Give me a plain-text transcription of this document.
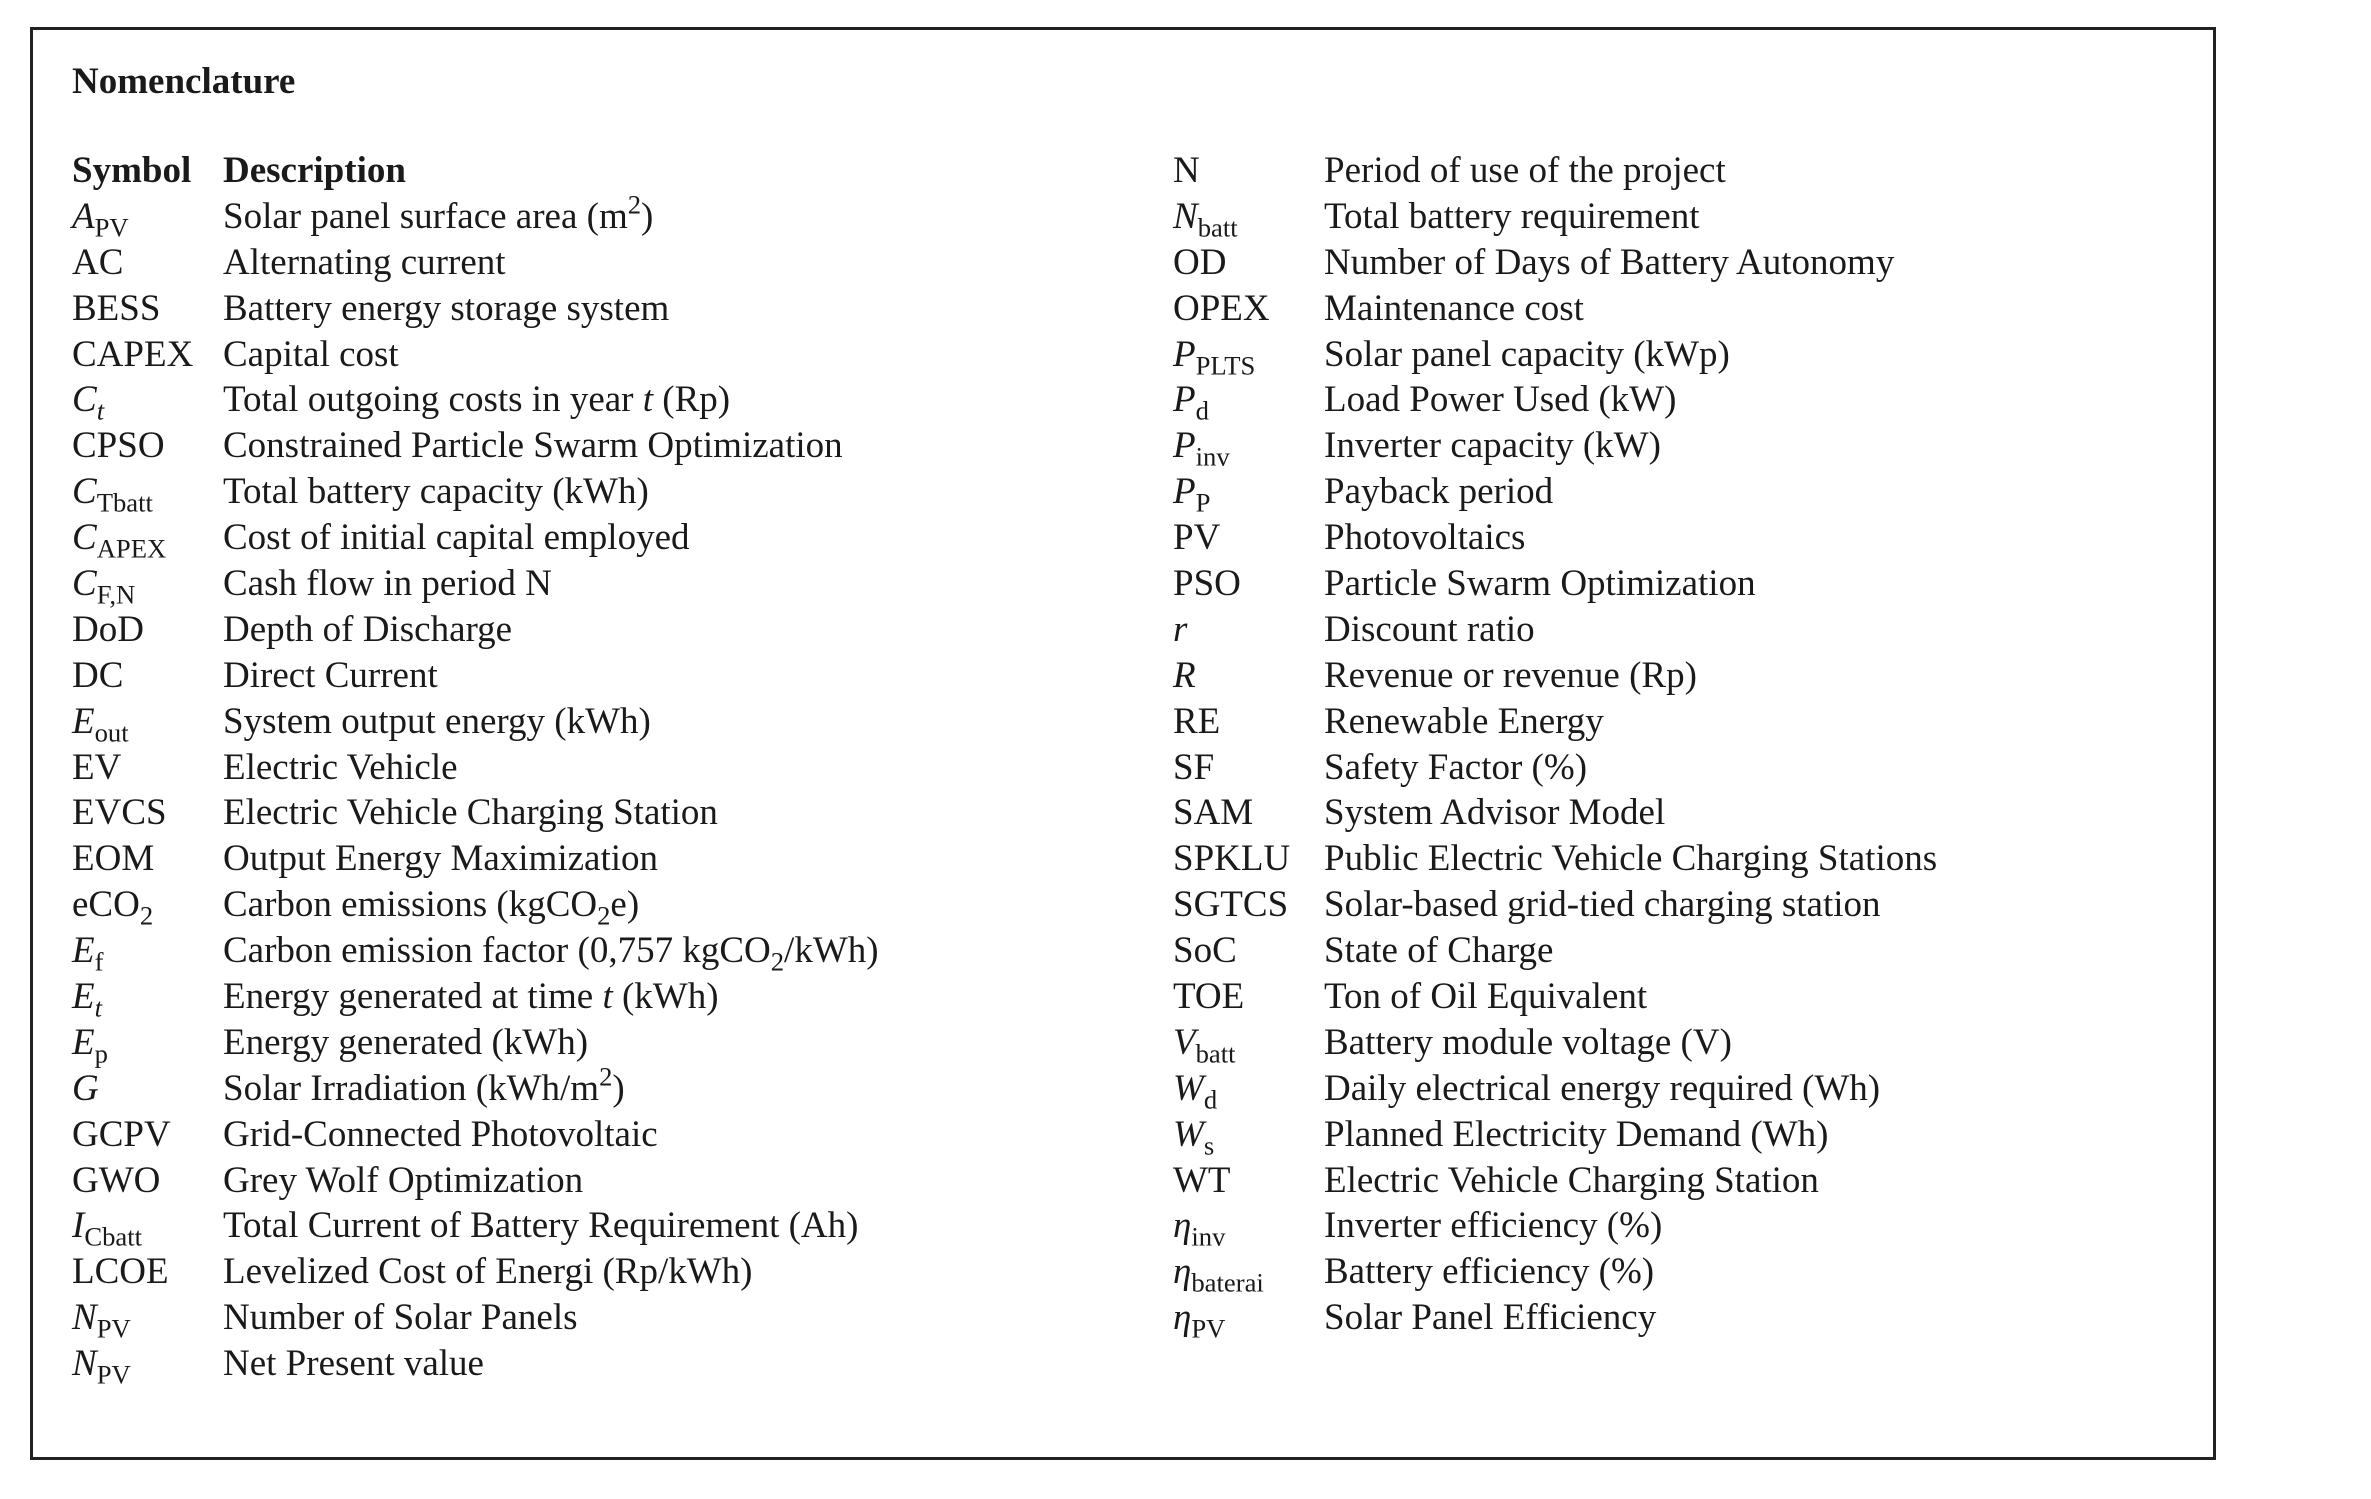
Nomenclature
Symbol Description
$A_{PV}$	Solar panel surface area $(m^2)$
AC	Alternating current
BESS Battery energy storage system
CAPEX Capital cost
$C_t$	Total outgoing costs in year t (Rp)
CPSO Constrained Particle Swarm Optimization
$C_{Tbatt}$ Total battery capacity (kWh)
$C_{APEX}$ Cost of initial capital employed
$C_{F,N}$ Cash flow in period N
DoD Depth of Discharge
DC	Direct Current
$E_{out}$	System output energy (kWh)
EV	Electric Vehicle
EVCS Electric Vehicle Charging Station
EOM Output Energy Maximization
eCO$_2$ Carbon emissions (kgCO$_2$e)
$E_f$	Carbon emission factor (0,757 kgCO$_2$/kWh)
$E_t$	Energy generated at time t (kWh)
$E_p$	Energy generated (kWh)
G	Solar Irradiation $(kWh/m^2)$
GCPV Grid-Connected Photovoltaic
GWO Grey Wolf Optimization
$I_{Cbatt}$ Total Current of Battery Requirement (Ah)
LCOE Levelized Cost of Energi (Rp/kWh)
$N_{PV}$ Number of Solar Panels
$N_{PV}$ Net Present value
N	Period of use of the project
$N_{batt}$ Total battery requirement
OD	Number of Days of Battery Autonomy
OPEX Maintenance cost
$P_{PLTS}$ Solar panel capacity (kWp)
$P_d$	Load Power Used (kW)
$P_{inv}$	Inverter capacity (kW)
$P_P$	Payback period
PV	Photovoltaics
PSO Particle Swarm Optimization
r	Discount ratio
R	Revenue or revenue (Rp)
RE	Renewable Energy
SF	Safety Factor (%)
SAM System Advisor Model
SPKLU Public Electric Vehicle Charging Stations
SGTCS Solar-based grid-tied charging station
SoC State of Charge
TOE Ton of Oil Equivalent
$V_{batt}$ Battery module voltage (V)
$W_d$	Daily electrical energy required (Wh)
$W_s$	Planned Electricity Demand (Wh)
WT	Electric Vehicle Charging Station
$\eta_{inv}$	Inverter efficiency (%)
$\eta_{baterai}$ Battery efficiency (%)
$\eta_{PV}$	Solar Panel Efficiency
